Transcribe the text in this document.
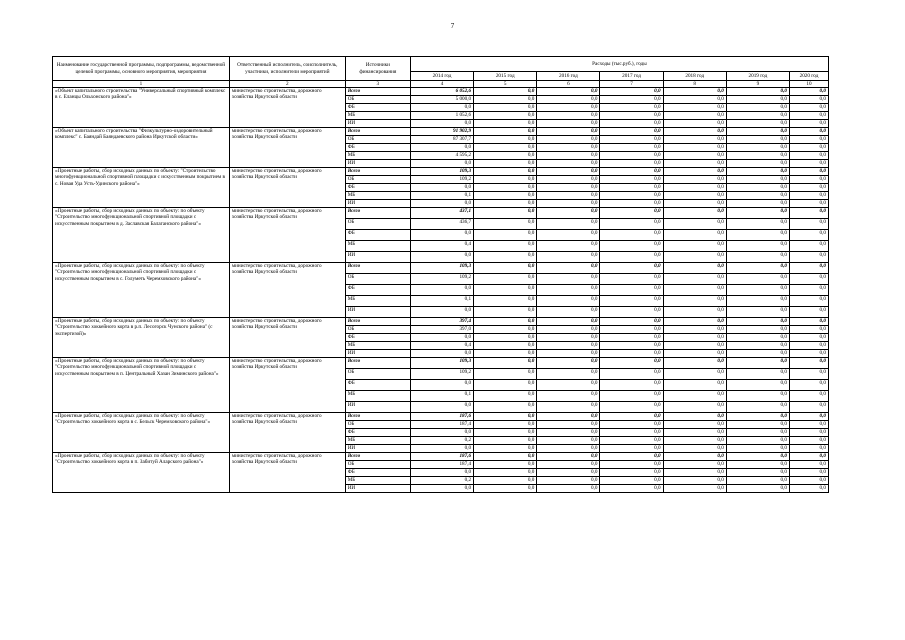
7
Наименование государственной программы, подпрограммы, ведомственной целевой программы, основного мероприятия, мероприятия	Ответственный исполнитель, соисполнитель, участники, исполнители мероприятий	Источники финансирования	Расходы (тыс.руб.), годы						
			2014 год	2015 год	2016 год	2017 год	2018 год	2019 год	2020 год
1	2	3	4	5	6	7	8	9	10
«Объект капитального строительства "Универсальный спортивный комплекс в с. Еланцы Ольхонского района"»	министерство строительства, дорожного хозяйства Иркутской области	Всего	6 052,6	0,0	0,0	0,0	0,0	0,0	0,0
		ОБ	5 000,0	0,0	0,0	0,0	0,0	0,0	0,0
		ФБ	0,0	0,0	0,0	0,0	0,0	0,0	0,0
		МБ	1 052,6	0,0	0,0	0,0	0,0	0,0	0,0
		ИИ	0,0	0,0	0,0	0,0	0,0	0,0	0,0
«Объект капитального строительства "Физкультурно-оздоровительный комплекс" с. Баяндай Баяндаевского района Иркутской области»	министерство строительства, дорожного хозяйства Иркутской области	Всего	91 902,9	0,0	0,0	0,0	0,0	0,0	0,0
		ОБ	87 307,7	0,0	0,0	0,0	0,0	0,0	0,0
		ФБ	0,0	0,0	0,0	0,0	0,0	0,0	0,0
		МБ	4 595,2	0,0	0,0	0,0	0,0	0,0	0,0
		ИИ	0,0	0,0	0,0	0,0	0,0	0,0	0,0
«Проектные работы, сбор исходных данных по объекту: "Строительство многофункциональной спортивной площадки с искусственным покрытием в с. Новая Уда Усть-Удинского района"»	министерство строительства, дорожного хозяйства Иркутской области	Всего	109,3	0,0	0,0	0,0	0,0	0,0	0,0
		ОБ	109,2	0,0	0,0	0,0	0,0	0,0	0,0
		ФБ	0,0	0,0	0,0	0,0	0,0	0,0	0,0
		МБ	0,1	0,0	0,0	0,0	0,0	0,0	0,0
		ИИ	0,0	0,0	0,0	0,0	0,0	0,0	0,0
«Проектные работы, сбор исходных данных по объекту: по объекту "Строительство многофункциональной спортивной площадки с искусственным покрытием в д. Заславская Балаганского района"»	министерство строительства, дорожного хозяйства Иркутской области	Всего	437,1	0,0	0,0	0,0	0,0	0,0	0,0
		ОБ	436,7	0,0	0,0	0,0	0,0	0,0	0,0
		ФБ	0,0	0,0	0,0	0,0	0,0	0,0	0,0
		МБ	0,4	0,0	0,0	0,0	0,0	0,0	0,0
		ИИ	0,0	0,0	0,0	0,0	0,0	0,0	0,0
«Проектные работы, сбор исходных данных по объекту: по объекту "Строительство многофункциональной спортивной площадки с искусственным покрытием в с. Голуметь Черемховского района"»	министерство строительства, дорожного хозяйства Иркутской области	Всего	109,3	0,0	0,0	0,0	0,0	0,0	0,0
		ОБ	109,2	0,0	0,0	0,0	0,0	0,0	0,0
		ФБ	0,0	0,0	0,0	0,0	0,0	0,0	0,0
		МБ	0,1	0,0	0,0	0,0	0,0	0,0	0,0
		ИИ	0,0	0,0	0,0	0,0	0,0	0,0	0,0
«Проектные работы, сбор исходных данных по объекту: по объекту "Строительство хоккейного корта в р.п. Лесогорск Чунского района" (с экспертизой)»	министерство строительства, дорожного хозяйства Иркутской области	Всего	397,4	0,0	0,0	0,0	0,0	0,0	0,0
		ОБ	397,0	0,0	0,0	0,0	0,0	0,0	0,0
		ФБ	0,0	0,0	0,0	0,0	0,0	0,0	0,0
		МБ	0,4	0,0	0,0	0,0	0,0	0,0	0,0
		ИИ	0,0	0,0	0,0	0,0	0,0	0,0	0,0
«Проектные работы, сбор исходных данных по объекту: по объекту "Строительство многофункциональной спортивной площадки с искусственным покрытием в п. Центральный Хазан Зиминского района"»	министерство строительства, дорожного хозяйства Иркутской области	Всего	109,3	0,0	0,0	0,0	0,0	0,0	0,0
		ОБ	109,2	0,0	0,0	0,0	0,0	0,0	0,0
		ФБ	0,0	0,0	0,0	0,0	0,0	0,0	0,0
		МБ	0,1	0,0	0,0	0,0	0,0	0,0	0,0
		ИИ	0,0	0,0	0,0	0,0	0,0	0,0	0,0
«Проектные работы, сбор исходных данных по объекту: по объекту "Строительство хоккейного корта в с. Бельск Черемховского района"»	министерство строительства, дорожного хозяйства Иркутской области	Всего	187,6	0,0	0,0	0,0	0,0	0,0	0,0
		ОБ	187,4	0,0	0,0	0,0	0,0	0,0	0,0
		ФБ	0,0	0,0	0,0	0,0	0,0	0,0	0,0
		МБ	0,2	0,0	0,0	0,0	0,0	0,0	0,0
		ИИ	0,0	0,0	0,0	0,0	0,0	0,0	0,0
«Проектные работы, сбор исходных данных по объекту: по объекту "Строительство хоккейного корта в п. Забитуй Аларского района"»	министерство строительства, дорожного хозяйства Иркутской области	Всего	187,6	0,0	0,0	0,0	0,0	0,0	0,0
		ОБ	187,4	0,0	0,0	0,0	0,0	0,0	0,0
		ФБ	0,0	0,0	0,0	0,0	0,0	0,0	0,0
		МБ	0,2	0,0	0,0	0,0	0,0	0,0	0,0
		ИИ	0,0	0,0	0,0	0,0	0,0	0,0	0,0
